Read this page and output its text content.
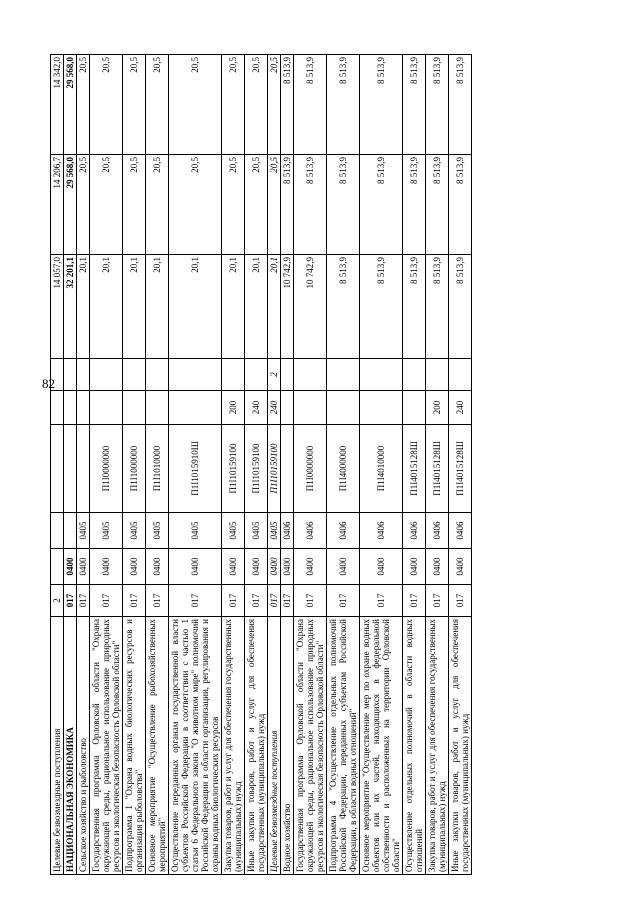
82
Целевые безвозмездные поступления	2						14 057,0	14 206,7	14 342,0
НАЦИОНАЛЬНАЯ ЭКОНОМИКА	017	0400					32 201,1	29 568,0	29 568,0
Сельское хозяйство и рыболовство	017	0400	0405				20,1	20,5	20,5
Государственная программа Орловской области "Охрана окружающей среды, рациональное использование природных ресурсов и экологическая безопасность Орловской области"	017	0400	0405	П1I0000000			20,1	20,5	20,5
Подпрограмма 1 "Охрана водных биологических ресурсов и организация рыболовства"	017	0400	0405	П1I1000000			20,1	20,5	20,5
Основное мероприятие "Осуществление рыбохозяйственных мероприятий"	017	0400	0405	П1I1010000			20,1	20,5	20,5
Осуществление переданных органам государственной власти субъектов Российской Федерации в соответствии с частью 1 статьи 6 Федерального закона "О животном мире" полномочий Российской Федерации в области организации, регулирования и охраны водных биологических ресурсов	017	0400	0405	П1I1015910Ш			20,1	20,5	20,5
Закупка товаров, работ и услуг для обеспечения государственных (муниципальных) нужд	017	0400	0405	П1I10159100	200		20,1	20,5	20,5
Иные закупки товаров, работ и услуг для обеспечения государственных (муниципальных) нужд	017	0400	0405	П1I10159100	240		20,1	20,5	20,5
Целевые безвозмездные поступления	017	0400	0405	П1I10159100	240	2	20,1	20,5	20,5
Водное хозяйство	017	0400	0406				10 742,9	8 513,9	8 513,9
Государственная программа Орловской области "Охрана окружающей среды, рациональное использование природных ресурсов и экологическая безопасность Орловской области"	017	0400	0406	П1I0000000			10 742,9	8 513,9	8 513,9
Подпрограмма 4 "Осуществление отдельных полномочий Российской Федерации, переданных субъектам Российской Федерации, в области водных отношений"	017	0400	0406	П1I4000000			8 513,9	8 513,9	8 513,9
Основное мероприятие "Осуществление мер по охране водных объектов или их частей, находящихся в федеральной собственности и расположенных на территории Орловской области"	017	0400	0406	П1I4010000			8 513,9	8 513,9	8 513,9
Осуществление отдельных полномочий в области водных отношений	017	0400	0406	П1I4015128Ш			8 513,9	8 513,9	8 513,9
Закупка товаров, работ и услуг для обеспечения государственных (муниципальных) нужд	017	0400	0406	П1I4015128Ш	200		8 513,9	8 513,9	8 513,9
Иные закупки товаров, работ и услуг для обеспечения государственных (муниципальных) нужд	017	0400	0406	П1I4015128Ш	240		8 513,9	8 513,9	8 513,9
